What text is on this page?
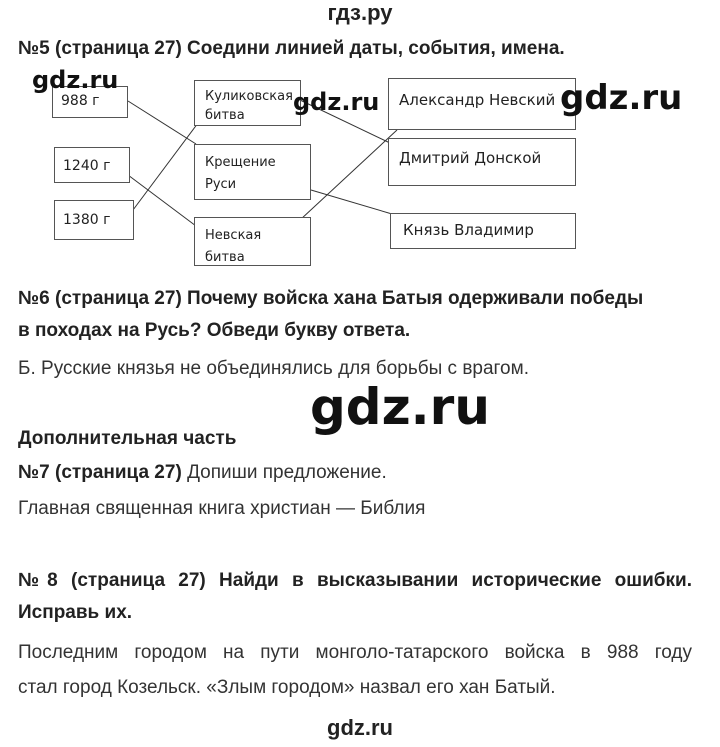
гдз.ру
№5 (страница 27) Соедини линией даты, события, имена.
988 г
1240 г
1380 г
Куликовская
битва
Крещение
Руси
Невская
битва
Александр Невский
Дмитрий Донской
Князь Владимир
gdz.ru
gdz.ru	gdz.ru
№6 (страница 27) Почему войска хана Батыя одерживали победы
в походах на Русь? Обведи букву ответа.
Б. Русские князья не объединялись для борьбы с врагом.
gdz.ru
Дополнительная часть
№7 (страница 27) Допиши предложение.
Главная священная книга христиан — Библия
№8 (страница 27) Найди в высказывании исторические ошибки.
Исправь их.
Последним городом на пути монголо-татарского войска в 988 году
стал город Козельск. «Злым городом» назвал его хан Батый.
gdz.ru
